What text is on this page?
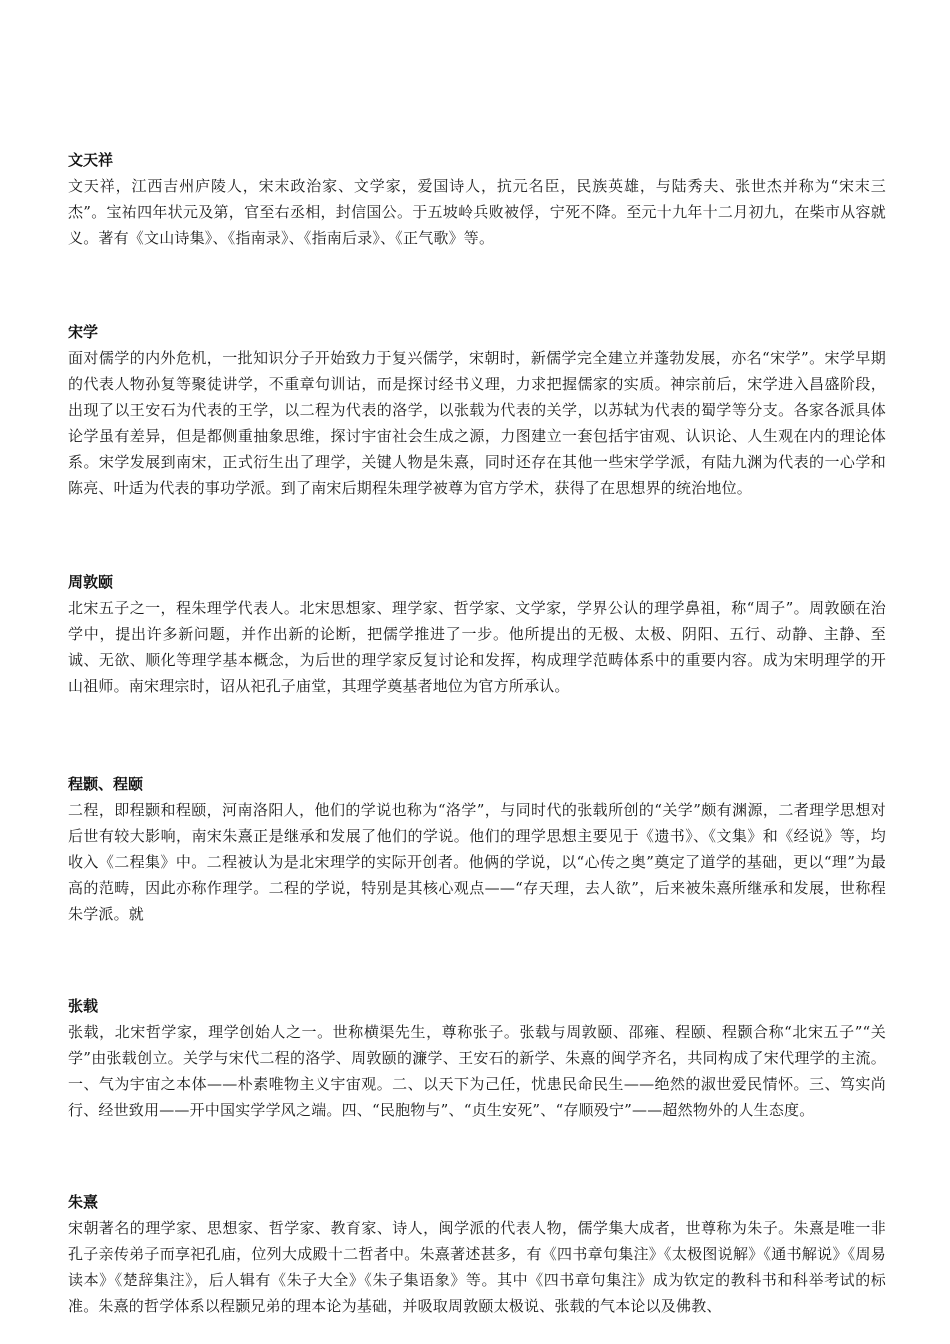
文天祥

文天祥，江西吉州庐陵人，宋末政治家、文学家，爱国诗人，抗元名臣，民族英雄，与陆秀夫、张世杰并称为“宋末三杰”。宝祐四年状元及第，官至右丞相，封信国公。于五坡岭兵败被俘，宁死不降。至元十九年十二月初九，在柴市从容就义。著有《文山诗集》、《指南录》、《指南后录》、《正气歌》等。

宋学

面对儒学的内外危机，一批知识分子开始致力于复兴儒学，宋朝时，新儒学完全建立并蓬勃发展，亦名“宋学”。宋学早期的代表人物孙复等聚徒讲学，不重章句训诂，而是探讨经书义理，力求把握儒家的实质。神宗前后，宋学进入昌盛阶段，出现了以王安石为代表的王学，以二程为代表的洛学，以张载为代表的关学，以苏轼为代表的蜀学等分支。各家各派具体论学虽有差异，但是都侧重抽象思维，探讨宇宙社会生成之源，力图建立一套包括宇宙观、认识论、人生观在内的理论体系。宋学发展到南宋，正式衍生出了理学，关键人物是朱熹，同时还存在其他一些宋学学派，有陆九渊为代表的一心学和陈亮、叶适为代表的事功学派。到了南宋后期程朱理学被尊为官方学术，获得了在思想界的统治地位。

周敦颐

北宋五子之一，程朱理学代表人。北宋思想家、理学家、哲学家、文学家，学界公认的理学鼻祖，称“周子”。周敦颐在治学中，提出许多新问题，并作出新的论断，把儒学推进了一步。他所提出的无极、太极、阴阳、五行、动静、主静、至诚、无欲、顺化等理学基本概念，为后世的理学家反复讨论和发挥，构成理学范畴体系中的重要内容。成为宋明理学的开山祖师。南宋理宗时，诏从祀孔子庙堂，其理学奠基者地位为官方所承认。

程颢、程颐

二程，即程颢和程颐，河南洛阳人，他们的学说也称为“洛学”，与同时代的张载所创的“关学”颇有渊源，二者理学思想对后世有较大影响，南宋朱熹正是继承和发展了他们的学说。他们的理学思想主要见于《遗书》、《文集》和《经说》等，均收入《二程集》中。二程被认为是北宋理学的实际开创者。他俩的学说，以“心传之奥”奠定了道学的基础，更以“理”为最高的范畴，因此亦称作理学。二程的学说，特别是其核心观点——“存天理，去人欲”，后来被朱熹所继承和发展，世称程朱学派。就

张载

张载，北宋哲学家，理学创始人之一。世称横渠先生，尊称张子。张载与周敦颐、邵雍、程颐、程颢合称“北宋五子”“关学”由张载创立。关学与宋代二程的洛学、周敦颐的濂学、王安石的新学、朱熹的闽学齐名，共同构成了宋代理学的主流。一、气为宇宙之本体——朴素唯物主义宇宙观。二、以天下为己任，忧患民命民生——绝然的淑世爱民情怀。三、笃实尚行、经世致用——开中国实学学风之端。四、“民胞物与”、“贞生安死”、“存顺殁宁”——超然物外的人生态度。

朱熹

宋朝著名的理学家、思想家、哲学家、教育家、诗人，闽学派的代表人物，儒学集大成者，世尊称为朱子。朱熹是唯一非孔子亲传弟子而享祀孔庙，位列大成殿十二哲者中。朱熹著述甚多，有《四书章句集注》《太极图说解》《通书解说》《周易读本》《楚辞集注》，后人辑有《朱子大全》《朱子集语象》等。其中《四书章句集注》成为钦定的教科书和科举考试的标准。朱熹的哲学体系以程颢兄弟的理本论为基础，并吸取周敦颐太极说、张载的气本论以及佛教、
